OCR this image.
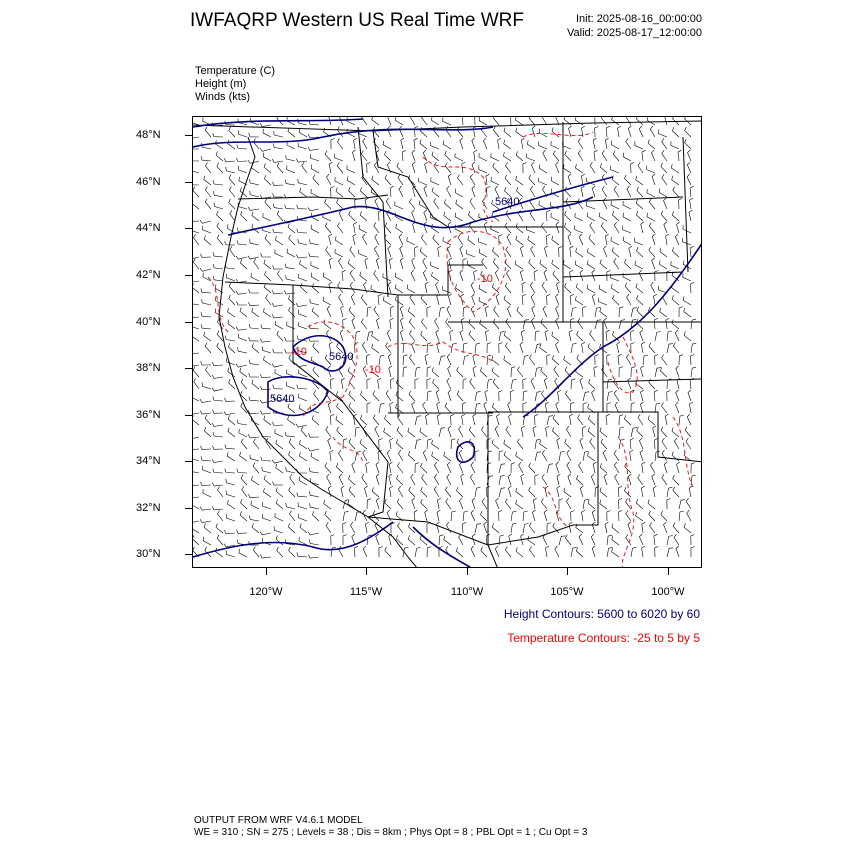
IWFAQRP Western US Real Time WRF	Init: 2025-08-16_00:00:00
Valid: 2025-08-17_12:00:00
Temperature (C)
Height (m)
Winds (kts)
5640
5640
5640
-10
-10
-10
48°N
46°N
44°N
42°N
40°N
38°N
36°N
34°N
32°N
30°N
120°W	115°W	110°W	105°W	100°W
Height Contours: 5600 to 6020 by 60
Temperature Contours: -25 to 5 by 5
OUTPUT FROM WRF V4.6.1 MODEL
WE = 310 ; SN = 275 ; Levels = 38 ; Dis = 8km ; Phys Opt = 8 ; PBL Opt = 1 ; Cu Opt = 3
